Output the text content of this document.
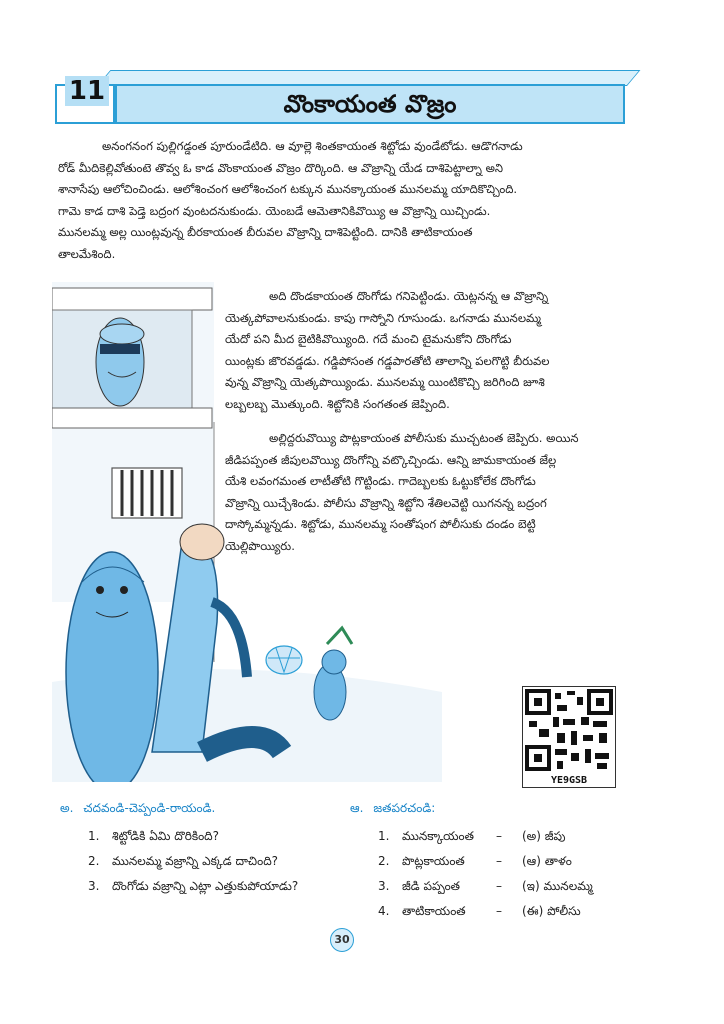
11	వొంకాయంత వొజ్రం
అనంగనంగ పుల్లిగడ్డంత పూరుండేటిది. ఆ వూల్లె శింతకాయంత శిట్టోడు వుండేటోడు. ఆడొగనాడు
రోడ్ మీదికెల్లివోతుంటె తొవ్వ ఓ కాడ వొంకాయంత వొజ్రం దొర్కింది. ఆ వొజ్రాన్ని యేడ దాశిపెట్టాల్నా అని
శానాసేపు ఆలోచించిండు. ఆలోశించంగ ఆలోశించంగ టక్కున మునక్కాయంత మునలమ్మ యాదికొచ్చింది.
గామె కాడ దాశి పెడ్తె బద్రంగ వుంటదనుకుండు. యెంబడే ఆమెతానికివొయ్యి ఆ వొజ్రాన్ని యిచ్చిండు.
మునలమ్మ అల్ల యింట్లవున్న బీరకాయంత బీరువల వొజ్రాన్ని దాశిపెట్టింది. దానికి తాటికాయంత
తాలమేశింది.
అది దొండకాయంత దొంగోడు గనిపెట్టిండు. యెట్లనన్న ఆ వొజ్రాన్ని
యెత్కపోవాలనుకుండు. కాపు గాస్నోని గూసుండు. ఒగనాడు మునలమ్మ
యేదో పని మీద బైటికివొయ్యింది. గదే మంచి టైమనుకోని దొంగోడు
యింట్లకు జొరవడ్డడు. గడ్డిపోసంత గడ్డపారతోటి తాలాన్ని పలగొట్టి బీరువల
వున్న వొజ్రాన్ని యెత్కపొయ్యిండు. మునలమ్మ యింటికొచ్చి జరిగింది జూశి
లబ్బలబ్బ మొత్కుంది. శిట్టోనికి సంగతంత జెప్పింది.
అల్లిద్దరువొయ్యి పొట్లకాయంత పోలీసుకు ముచ్చటంత జెప్పిరు. అయిన
జీడిపప్పంత జీపులవొయ్యి దొంగోన్ని వట్కొచ్చిండు. ఆన్ని జామకాయంత జేల్ల
యేశి లవంగమంత లాటీతోటి గొట్టిండు. గాదెబ్బలకు ఓట్టుకోలేక దొంగోడు
వొజ్రాన్ని యిచ్చేశిండు. పోలీసు వొజ్రాన్ని శిట్టోని శేతిలవెట్టి యిగనన్న బద్రంగ
దాస్కోమ్మన్నడు. శిట్టోడు, మునలమ్మ సంతోషంగ పోలీసుకు దండం బెట్టి
యెల్లిపొయ్యిరు.
YE9GSB
అ. చదవండి-చెప్పండి-రాయండి.
1. శిట్టోడికి ఏమి దొరికింది?
2. మునలమ్మ వజ్రాన్ని ఎక్కడ దాచింది?
3. దొంగోడు వజ్రాన్ని ఎట్లా ఎత్తుకుపోయాడు?
ఆ. జతపరచండి:
1. మునక్కాయంత – (అ) జీపు
2. పొట్లకాయంత	– (ఆ) తాళం
3. జీడి పప్పంత	– (ఇ) మునలమ్మ
4. తాటికాయంత	– (ఈ) పోలీసు
30
